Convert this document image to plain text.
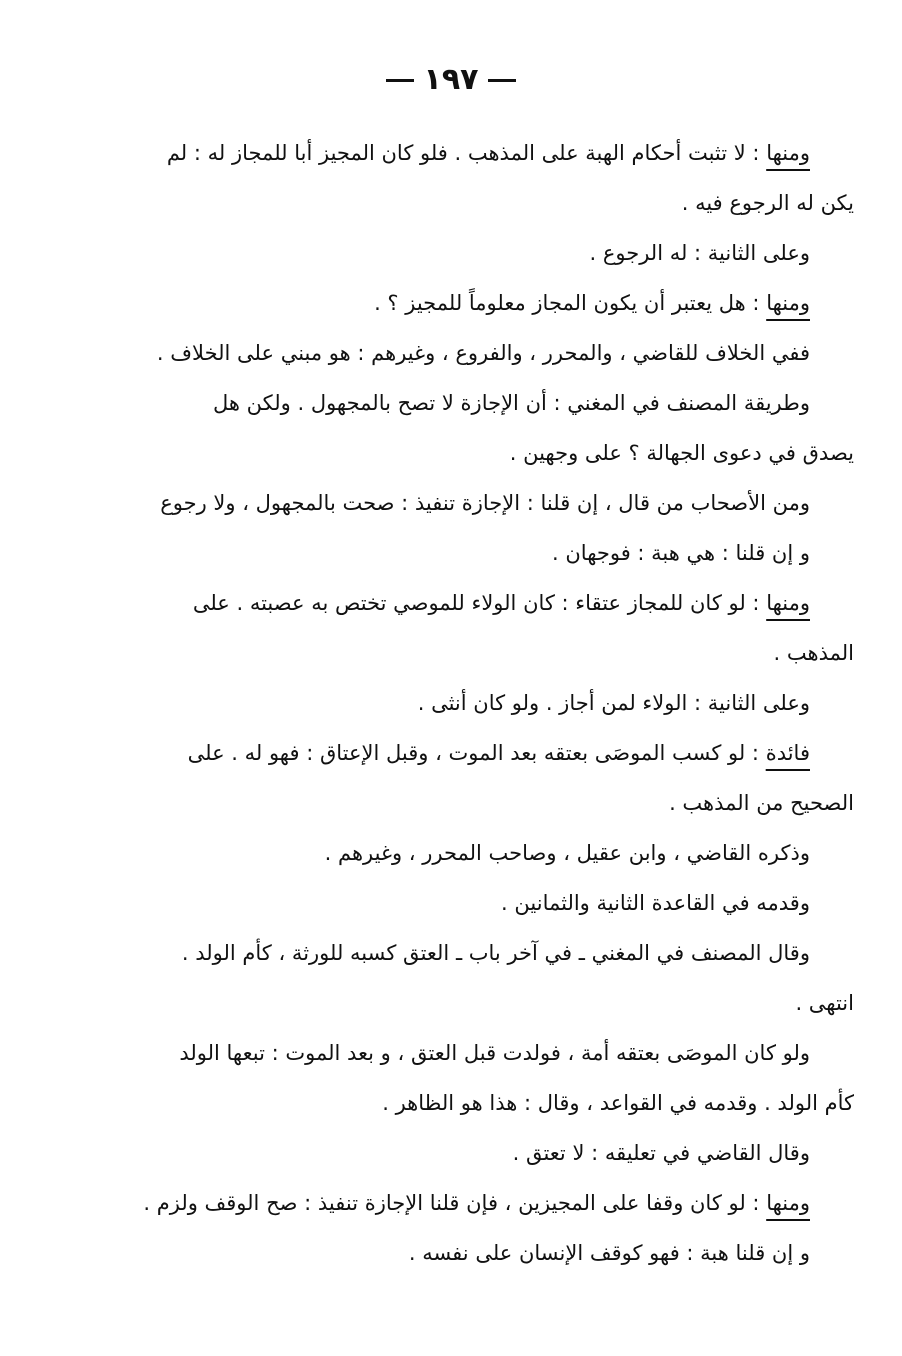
١٩٧
ومنها : لا تثبت أحكام الهبة على المذهب . فلو كان المجيز أبا للمجاز له : لم
يكن له الرجوع فيه .
وعلى الثانية : له الرجوع .
ومنها : هل يعتبر أن يكون المجاز معلوماً للمجيز ؟ .
ففي الخلاف للقاضي ، والمحرر ، والفروع ، وغيرهم : هو مبني على الخلاف .
وطريقة المصنف في المغني : أن الإجازة لا تصح بالمجهول . ولكن هل
يصدق في دعوى الجهالة ؟ على وجهين .
ومن الأصحاب من قال ، إن قلنا : الإجازة تنفيذ : صحت بالمجهول ، ولا رجوع
و إن قلنا : هي هبة : فوجهان .
ومنها : لو كان للمجاز عتقاء : كان الولاء للموصي تختص به عصبته . على
المذهب .
وعلى الثانية : الولاء لمن أجاز . ولو كان أنثى .
فائدة : لو كسب الموصَى بعتقه بعد الموت ، وقبل الإعتاق : فهو له . على
الصحيح من المذهب .
وذكره القاضي ، وابن عقيل ، وصاحب المحرر ، وغيرهم .
وقدمه في القاعدة الثانية والثمانين .
وقال المصنف في المغني ـ في آخر باب ـ العتق كسبه للورثة ، كأم الولد .
انتهى .
ولو كان الموصَى بعتقه أمة ، فولدت قبل العتق ، و بعد الموت : تبعها الولد
كأم الولد . وقدمه في القواعد ، وقال : هذا هو الظاهر .
وقال القاضي في تعليقه : لا تعتق .
ومنها : لو كان وقفا على المجيزين ، فإن قلنا الإجازة تنفيذ : صح الوقف ولزم .
و إن قلنا هبة : فهو كوقف الإنسان على نفسه .
